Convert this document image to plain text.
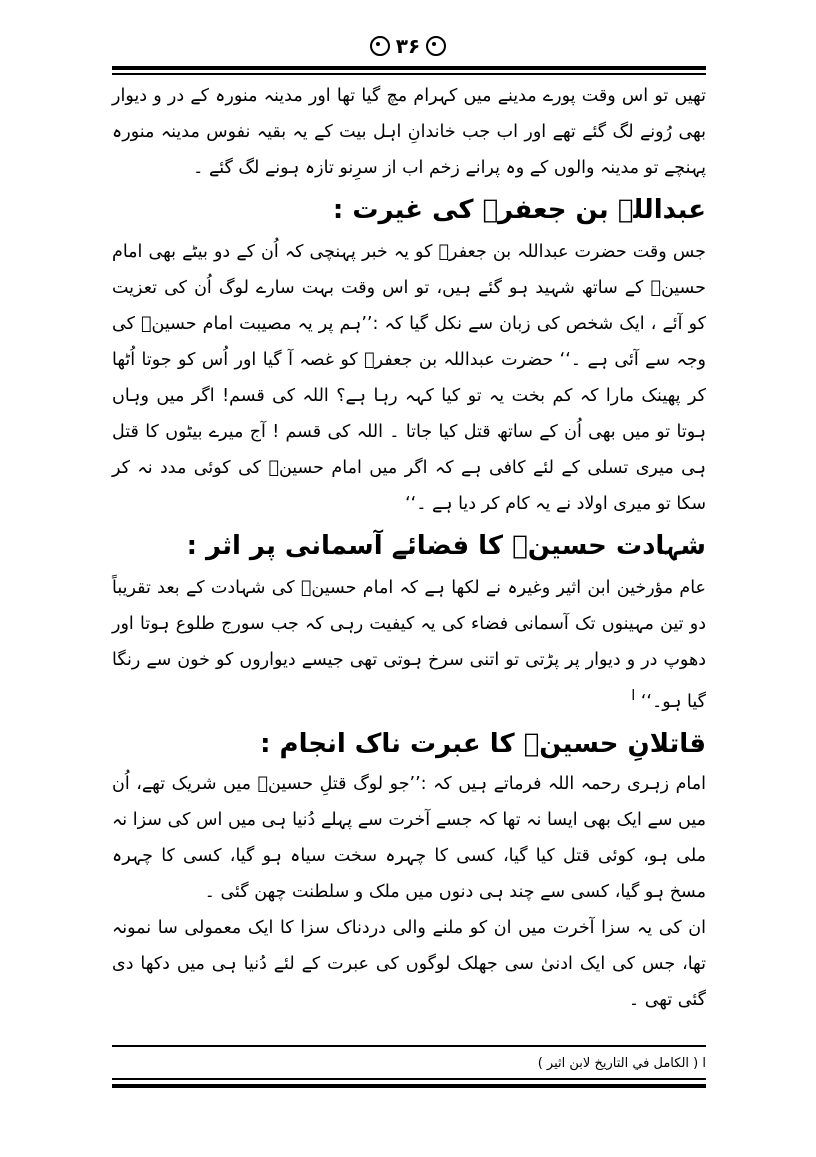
۳۶

تھیں تو اس وقت پورے مدینے میں کہرام مچ گیا تھا اور مدینہ منورہ کے در و دیوار بھی رُونے لگ گئے تھے اور اب جب خاندانِ اہل بیت کے یہ بقیہ نفوس مدینہ منورہ پہنچے تو مدینہ والوں کے وہ پرانے زخم اب از سرِنو تازہ ہونے لگ گئے ۔

عبداللہ بن جعفرؓ کی غیرت :

جس وقت حضرت عبداللہ بن جعفرؓ کو یہ خبر پہنچی کہ اُن کے دو بیٹے بھی امام حسینؓ کے ساتھ شہید ہو گئے ہیں، تو اس وقت بہت سارے لوگ اُن کی تعزیت کو آئے ، ایک شخص کی زبان سے نکل گیا کہ :’’ہم پر یہ مصیبت امام حسینؓ کی وجہ سے آئی ہے ۔‘‘ حضرت عبداللہ بن جعفرؓ کو غصہ آ گیا اور اُس کو جوتا اُٹھا کر پھینک مارا کہ کم بخت یہ تو کیا کہہ رہا ہے؟ اللہ کی قسم! اگر میں وہاں ہوتا تو میں بھی اُن کے ساتھ قتل کیا جاتا ۔ اللہ کی قسم ! آج میرے بیٹوں کا قتل ہی میری تسلی کے لئے کافی ہے کہ اگر میں امام حسینؓ کی کوئی مدد نہ کر سکا تو میری اولاد نے یہ کام کر دیا ہے ۔‘‘

شہادت حسینؓ کا فضائے آسمانی پر اثر :

عام مؤرخین ابن اثیر وغیرہ نے لکھا ہے کہ امام حسینؓ کی شہادت کے بعد تقریباً دو تین مہینوں تک آسمانی فضاء کی یہ کیفیت رہی کہ جب سورج طلوع ہوتا اور دھوپ در و دیوار پر پڑتی تو اتنی سرخ ہوتی تھی جیسے دیواروں کو خون سے رنگا گیا ہو۔‘‘ $^ا$

قاتلانِ حسینؓ کا عبرت ناک انجام :

امام زہری رحمہ اللہ فرماتے ہیں کہ :’’جو لوگ قتلِ حسینؓ میں شریک تھے، اُن میں سے ایک بھی ایسا نہ تھا کہ جسے آخرت سے پہلے دُنیا ہی میں اس کی سزا نہ ملی ہو، کوئی قتل کیا گیا، کسی کا چہرہ سخت سیاہ ہو گیا، کسی کا چہرہ مسخ ہو گیا، کسی سے چند ہی دنوں میں ملک و سلطنت چھن گئی ۔

ان کی یہ سزا آخرت میں ان کو ملنے والی دردناک سزا کا ایک معمولی سا نمونہ تھا، جس کی ایک ادنیٰ سی جھلک لوگوں کی عبرت کے لئے دُنیا ہی میں دکھا دی گئی تھی ۔

ا ( الكامل في التاريخ لابن اثير )
